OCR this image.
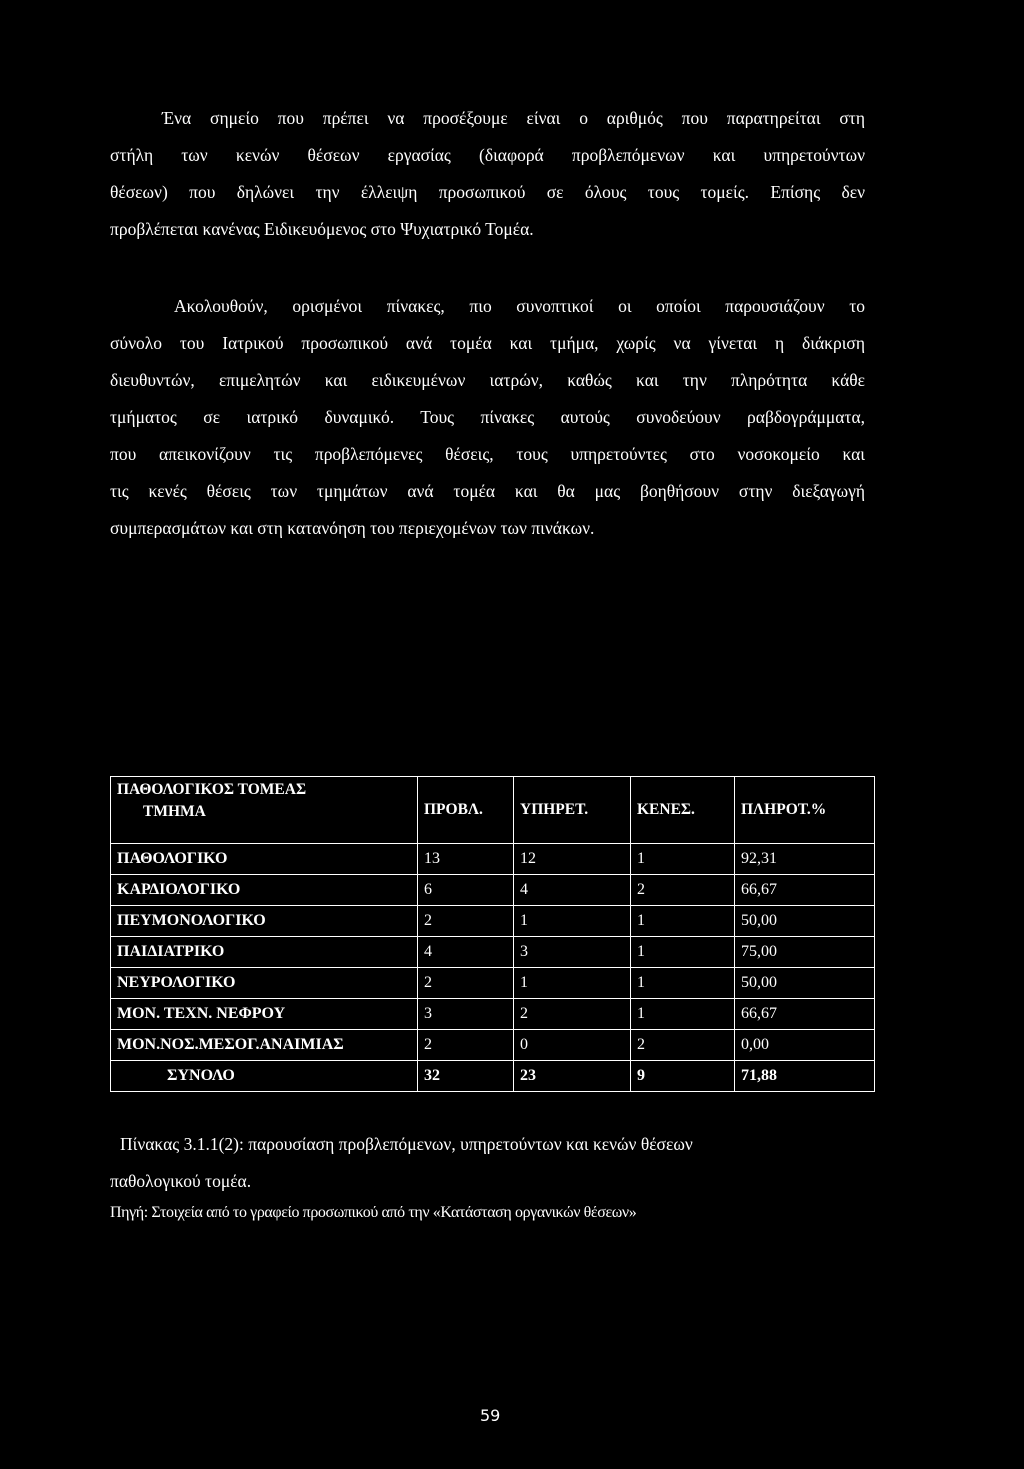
Ένα σημείο που πρέπει να προσέξουμε είναι ο αριθμός που παρατηρείται στη
στήλη των κενών θέσεων εργασίας (διαφορά προβλεπόμενων και υπηρετούντων
θέσεων) που δηλώνει την έλλειψη προσωπικού σε όλους τους τομείς. Επίσης δεν
προβλέπεται κανένας Ειδικευόμενος στο Ψυχιατρικό Τομέα.
Ακολουθούν, ορισμένοι πίνακες, πιο συνοπτικοί οι οποίοι παρουσιάζουν το
σύνολο του Ιατρικού προσωπικού ανά τομέα και τμήμα, χωρίς να γίνεται η διάκριση
διευθυντών, επιμελητών και ειδικευμένων ιατρών, καθώς και την πληρότητα κάθε
τμήματος σε ιατρικό δυναμικό. Τους πίνακες αυτούς συνοδεύουν ραβδογράμματα,
που απεικονίζουν τις προβλεπόμενες θέσεις, τους υπηρετούντες στο νοσοκομείο και
τις κενές θέσεις των τμημάτων ανά τομέα και θα μας βοηθήσουν στην διεξαγωγή
συμπερασμάτων και στη κατανόηση του περιεχομένων των πινάκων.
ΠΑΘΟΛΟΓΙΚΟΣ ΤΟΜΕΑΣ
ΤΜΗΜΑ	ΠΡΟΒΛ.	ΥΠΗΡΕΤ.	ΚΕΝΕΣ.	ΠΛΗΡΟΤ.%
ΠΑΘΟΛΟΓΙΚΟ	13	12	1	92,31
ΚΑΡΔΙΟΛΟΓΙΚΟ	6	4	2	66,67
ΠΕΥΜΟΝΟΛΟΓΙΚΟ	2	1	1	50,00
ΠΑΙΔΙΑΤΡΙΚΟ	4	3	1	75,00
ΝΕΥΡΟΛΟΓΙΚΟ	2	1	1	50,00
ΜΟΝ. ΤΕΧΝ. ΝΕΦΡΟΥ	3	2	1	66,67
ΜΟΝ.ΝΟΣ.ΜΕΣΟΓ.ΑΝΑΙΜΙΑΣ	2	0	2	0,00
ΣΥΝΟΛΟ	32	23	9	71,88
Πίνακας 3.1.1(2): παρουσίαση προβλεπόμενων, υπηρετούντων και κενών θέσεων
παθολογικού τομέα.

Πηγή: Στοιχεία από το γραφείο προσωπικού από την «Κατάσταση οργανικών θέσεων»

59
